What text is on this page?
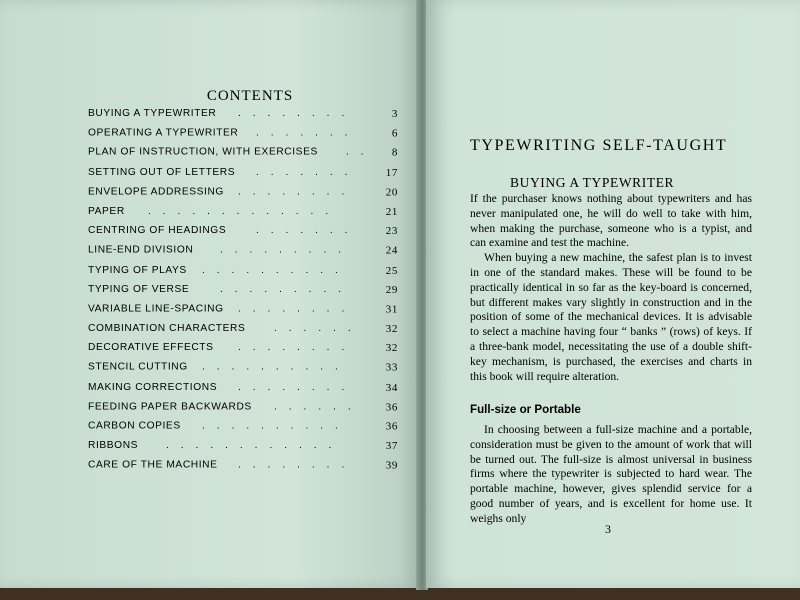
CONTENTS
BUYING A TYPEWRITER ........	3
OPERATING A TYPEWRITER .......	6
PLAN OF INSTRUCTION, WITH EXERCISES	..	8
SETTING OUT OF LETTERS .......	17
ENVELOPE ADDRESSING ........	20
PAPER .............	21
CENTRING OF HEADINGS	.......	23
LINE-END DIVISION	.........	24
TYPING OF PLAYS ..........	25
TYPING OF VERSE	.........	29
VARIABLE LINE-SPACING ........	31
COMBINATION CHARACTERS	......	32
DECORATIVE EFFECTS ........	32
STENCIL CUTTING ..........	33
MAKING CORRECTIONS ........	34
FEEDING PAPER BACKWARDS ......	36
CARBON COPIES ..........	36
RIBBONS	............	37
CARE OF THE MACHINE ........	39
TYPEWRITING SELF-TAUGHT
BUYING A TYPEWRITER

If the purchaser knows nothing about typewriters and has never manipulated one, he will do well to take with him, when making the purchase, someone who is a typist, and can examine and test the machine.

When buying a new machine, the safest plan is to invest in one of the standard makes. These will be found to be practically identical in so far as the key-board is concerned, but different makes vary slightly in construction and in the position of some of the mechanical devices. It is advisable to select a machine having four “ banks ” (rows) of keys. If a three-bank model, necessitating the use of a double shift-key mechanism, is purchased, the exercises and charts in this book will require alteration.

Full-size or Portable

In choosing between a full-size machine and a portable, consideration must be given to the amount of work that will be turned out. The full-size is almost universal in business firms where the typewriter is subjected to hard wear. The portable machine, however, gives splendid service for a good number of years, and is excellent for home use. It weighs only

3
